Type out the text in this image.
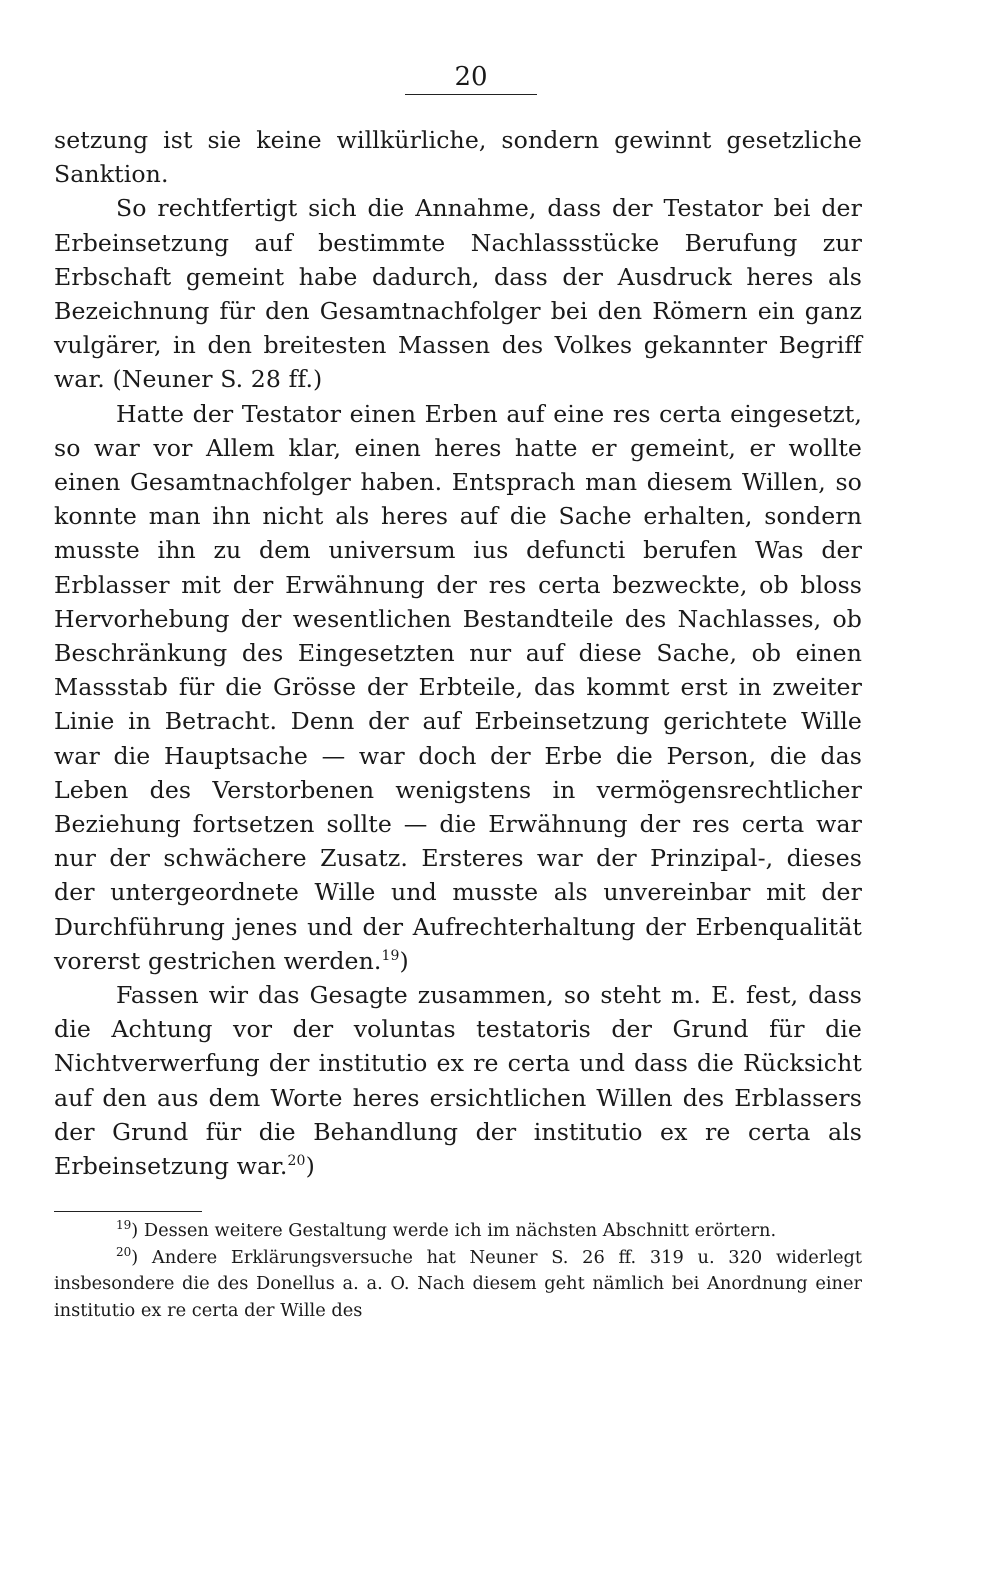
20

setzung ist sie keine willkürliche, sondern gewinnt gesetzliche Sanktion.

So rechtfertigt sich die Annahme, dass der Testator bei der Erbeinsetzung auf bestimmte Nachlassstücke Berufung zur Erbschaft gemeint habe dadurch, dass der Ausdruck heres als Bezeichnung für den Gesamtnachfolger bei den Römern ein ganz vulgärer, in den breitesten Massen des Volkes gekannter Begriff war. (Neuner S. 28 ff.)

Hatte der Testator einen Erben auf eine res certa eingesetzt, so war vor Allem klar, einen heres hatte er gemeint, er wollte einen Gesamtnachfolger haben. Entsprach man diesem Willen, so konnte man ihn nicht als heres auf die Sache erhalten, sondern musste ihn zu dem universum ius defuncti berufen Was der Erblasser mit der Erwähnung der res certa bezweckte, ob bloss Hervorhebung der wesentlichen Bestandteile des Nachlasses, ob Beschränkung des Eingesetzten nur auf diese Sache, ob einen Massstab für die Grösse der Erbteile, das kommt erst in zweiter Linie in Betracht. Denn der auf Erbeinsetzung gerichtete Wille war die Hauptsache — war doch der Erbe die Person, die das Leben des Verstorbenen wenigstens in vermögensrechtlicher Beziehung fortsetzen sollte — die Erwähnung der res certa war nur der schwächere Zusatz. Ersteres war der Prinzipal-, dieses der untergeordnete Wille und musste als unvereinbar mit der Durchführung jenes und der Aufrechterhaltung der Erbenqualität vorerst gestrichen werden.$^{19}$)

Fassen wir das Gesagte zusammen, so steht m. E. fest, dass die Achtung vor der voluntas testatoris der Grund für die Nichtverwerfung der institutio ex re certa und dass die Rücksicht auf den aus dem Worte heres ersichtlichen Willen des Erblassers der Grund für die Behandlung der institutio ex re certa als Erbeinsetzung war.$^{20}$)

$^{19}$) Dessen weitere Gestaltung werde ich im nächsten Abschnitt erörtern.

$^{20}$) Andere Erklärungsversuche hat Neuner S. 26 ff. 319 u. 320 widerlegt insbesondere die des Donellus a. a. O. Nach diesem geht nämlich bei Anordnung einer institutio ex re certa der Wille des
